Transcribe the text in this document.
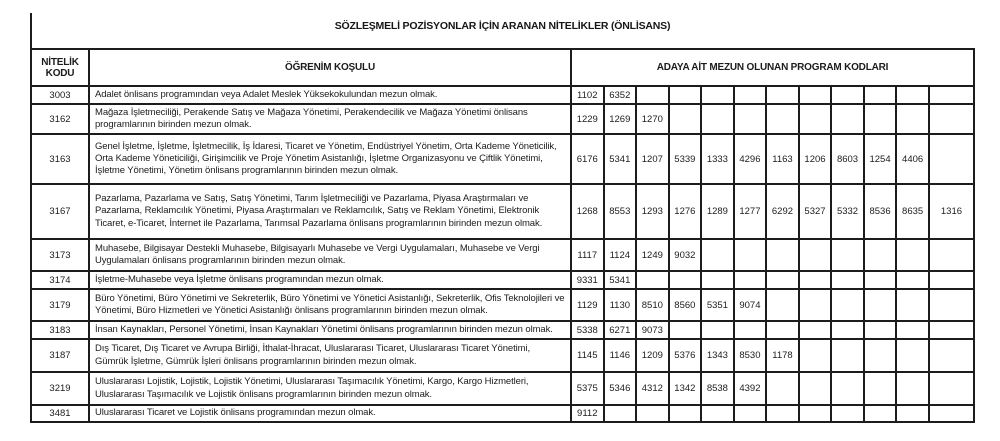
SÖZLEŞMELİ POZİSYONLAR İÇİN ARANAN NİTELİKLER (ÖNLİSANS)
NİTELİK KODU	ÖĞRENİM KOŞULU	ADAYA AİT MEZUN OLUNAN PROGRAM KODLARI											
3003	Adalet önlisans programından veya Adalet Meslek Yüksekokulundan mezun olmak.	1102	6352										
3162	Mağaza İşletmeciliği, Perakende Satış ve Mağaza Yönetimi, Perakendecilik ve Mağaza Yönetimi önlisans programlarının birinden mezun olmak.	1229	1269	1270									
3163	Genel İşletme, İşletme, İşletmecilik, İş İdaresi, Ticaret ve Yönetim, Endüstriyel Yönetim, Orta Kademe Yöneticilik, Orta Kademe Yöneticiliği, Girişimcilik ve Proje Yönetim Asistanlığı, İşletme Organizasyonu ve Çiftlik Yönetimi, İşletme Yönetimi, Yönetim önlisans programlarının birinden mezun olmak.	6176	5341	1207	5339	1333	4296	1163	1206	8603	1254	4406	
3167	Pazarlama, Pazarlama ve Satış, Satış Yönetimi, Tarım İşletmeciliği ve Pazarlama, Piyasa Araştırmaları ve Pazarlama, Reklamcılık Yönetimi, Piyasa Araştırmaları ve Reklamcılık, Satış ve Reklam Yönetimi, Elektronik Ticaret, e-Ticaret, İnternet ile Pazarlama, Tarımsal Pazarlama önlisans programlarının birinden mezun olmak.	1268	8553	1293	1276	1289	1277	6292	5327	5332	8536	8635	1316
3173	Muhasebe, Bilgisayar Destekli Muhasebe, Bilgisayarlı Muhasebe ve Vergi Uygulamaları, Muhasebe ve Vergi Uygulamaları önlisans programlarının birinden mezun olmak.	1117	1124	1249	9032								
3174	İşletme-Muhasebe veya İşletme önlisans programından mezun olmak.	9331	5341										
3179	Büro Yönetimi, Büro Yönetimi ve Sekreterlik, Büro Yönetimi ve Yönetici Asistanlığı, Sekreterlik, Ofis Teknolojileri ve Yönetimi, Büro Hizmetleri ve Yönetici Asistanlığı önlisans programlarının birinden mezun olmak.	1129	1130	8510	8560	5351	9074						
3183	İnsan Kaynakları, Personel Yönetimi, İnsan Kaynakları Yönetimi önlisans programlarının birinden mezun olmak.	5338	6271	9073									
3187	Dış Ticaret, Dış Ticaret ve Avrupa Birliği, İthalat-İhracat, Uluslararası Ticaret, Uluslararası Ticaret Yönetimi, Gümrük İşletme, Gümrük İşleri önlisans programlarının birinden mezun olmak.	1145	1146	1209	5376	1343	8530	1178					
3219	Uluslararası Lojistik, Lojistik, Lojistik Yönetimi, Uluslararası Taşımacılık Yönetimi, Kargo, Kargo Hizmetleri, Uluslararası Taşımacılık ve Lojistik önlisans programlarının birinden mezun olmak.	5375	5346	4312	1342	8538	4392						
3481	Uluslararası Ticaret ve Lojistik önlisans programından mezun olmak.	9112											
